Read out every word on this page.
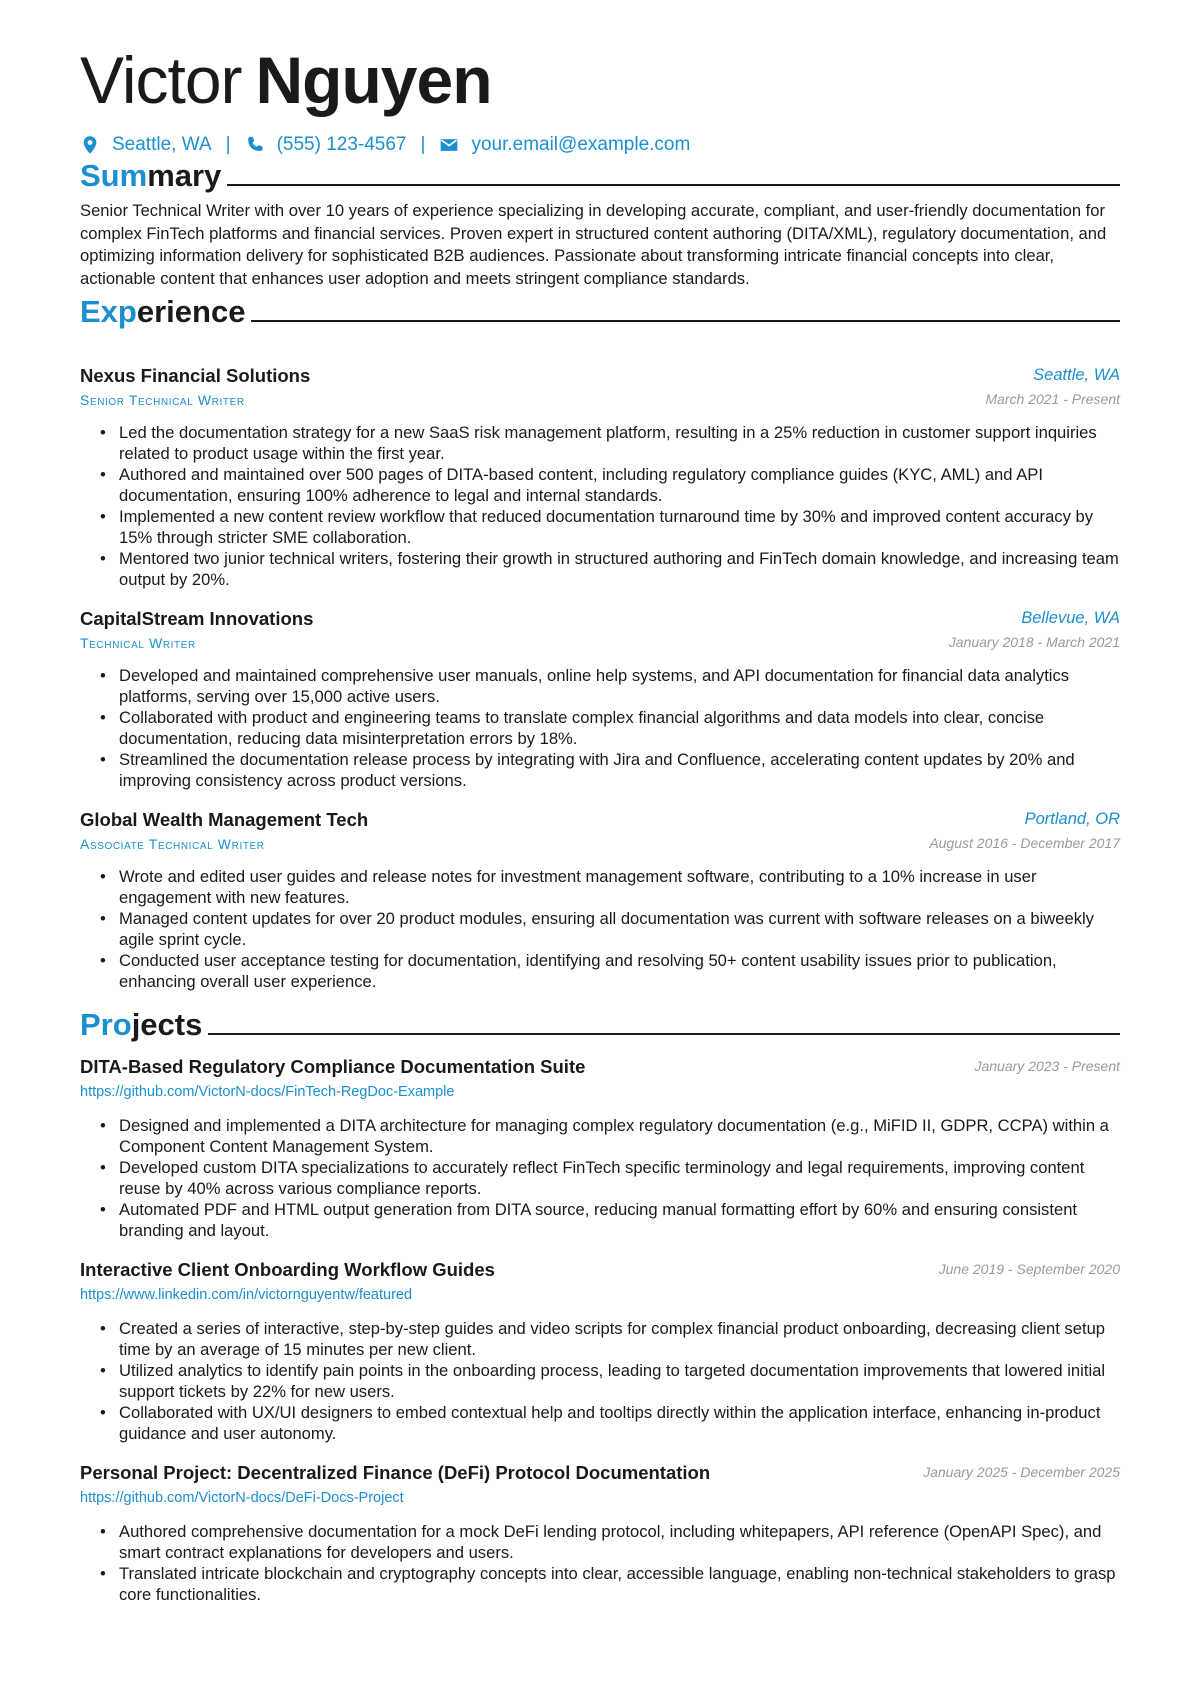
Victor Nguyen
Seattle, WA | (555) 123-4567 | your.email@example.com
Summary
Senior Technical Writer with over 10 years of experience specializing in developing accurate, compliant, and user-friendly documentation for complex FinTech platforms and financial services. Proven expert in structured content authoring (DITA/XML), regulatory documentation, and optimizing information delivery for sophisticated B2B audiences. Passionate about transforming intricate financial concepts into clear, actionable content that enhances user adoption and meets stringent compliance standards.
Experience
Nexus Financial Solutions	Seattle, WA
Senior Technical Writer	March 2021 - Present
• Led the documentation strategy for a new SaaS risk management platform, resulting in a 25% reduction in customer support inquiries related to product usage within the first year.
• Authored and maintained over 500 pages of DITA-based content, including regulatory compliance guides (KYC, AML) and API documentation, ensuring 100% adherence to legal and internal standards.
• Implemented a new content review workflow that reduced documentation turnaround time by 30% and improved content accuracy by 15% through stricter SME collaboration.
• Mentored two junior technical writers, fostering their growth in structured authoring and FinTech domain knowledge, and increasing team output by 20%.
CapitalStream Innovations	Bellevue, WA
Technical Writer	January 2018 - March 2021
• Developed and maintained comprehensive user manuals, online help systems, and API documentation for financial data analytics platforms, serving over 15,000 active users.
• Collaborated with product and engineering teams to translate complex financial algorithms and data models into clear, concise documentation, reducing data misinterpretation errors by 18%.
• Streamlined the documentation release process by integrating with Jira and Confluence, accelerating content updates by 20% and improving consistency across product versions.
Global Wealth Management Tech	Portland, OR
Associate Technical Writer	August 2016 - December 2017
• Wrote and edited user guides and release notes for investment management software, contributing to a 10% increase in user engagement with new features.
• Managed content updates for over 20 product modules, ensuring all documentation was current with software releases on a biweekly agile sprint cycle.
• Conducted user acceptance testing for documentation, identifying and resolving 50+ content usability issues prior to publication, enhancing overall user experience.
Projects
DITA-Based Regulatory Compliance Documentation Suite	January 2023 - Present
https://github.com/VictorN-docs/FinTech-RegDoc-Example
• Designed and implemented a DITA architecture for managing complex regulatory documentation (e.g., MiFID II, GDPR, CCPA) within a Component Content Management System.
• Developed custom DITA specializations to accurately reflect FinTech specific terminology and legal requirements, improving content reuse by 40% across various compliance reports.
• Automated PDF and HTML output generation from DITA source, reducing manual formatting effort by 60% and ensuring consistent branding and layout.
Interactive Client Onboarding Workflow Guides	June 2019 - September 2020
https://www.linkedin.com/in/victornguyentw/featured
• Created a series of interactive, step-by-step guides and video scripts for complex financial product onboarding, decreasing client setup time by an average of 15 minutes per new client.
• Utilized analytics to identify pain points in the onboarding process, leading to targeted documentation improvements that lowered initial support tickets by 22% for new users.
• Collaborated with UX/UI designers to embed contextual help and tooltips directly within the application interface, enhancing in-product guidance and user autonomy.
Personal Project: Decentralized Finance (DeFi) Protocol Documentation	January 2025 - December 2025
https://github.com/VictorN-docs/DeFi-Docs-Project
• Authored comprehensive documentation for a mock DeFi lending protocol, including whitepapers, API reference (OpenAPI Spec), and smart contract explanations for developers and users.
• Translated intricate blockchain and cryptography concepts into clear, accessible language, enabling non-technical stakeholders to grasp core functionalities.
